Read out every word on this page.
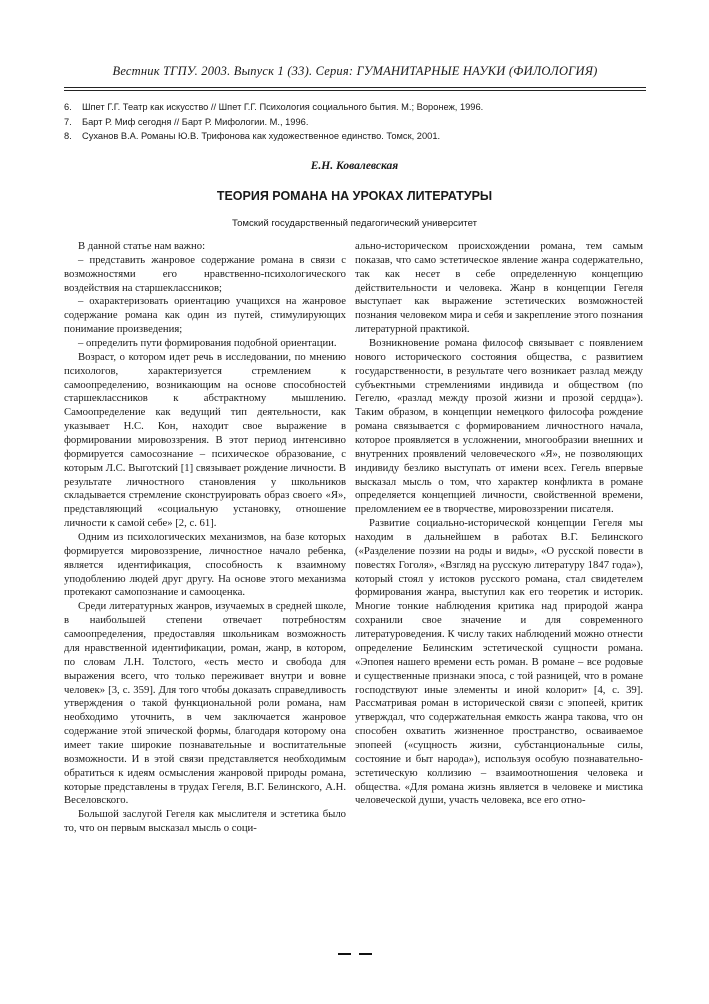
Вестник ТГПУ. 2003. Выпуск 1 (33). Серия: ГУМАНИТАРНЫЕ НАУКИ (ФИЛОЛОГИЯ)
6. Шпет Г.Г. Театр как искусство // Шпет Г.Г. Психология социального бытия. М.; Воронеж, 1996.
7. Барт Р. Миф сегодня // Барт Р. Мифологии. М., 1996.
8. Суханов В.А. Романы Ю.В. Трифонова как художественное единство. Томск, 2001.
Е.Н. Ковалевская
ТЕОРИЯ РОМАНА НА УРОКАХ ЛИТЕРАТУРЫ
Томский государственный педагогический университет

В данной статье нам важно:

– представить жанровое содержание романа в связи с возможностями его нравственно-психологического воздействия на старшеклассников;

– охарактеризовать ориентацию учащихся на жанровое содержание романа как один из путей, стимулирующих понимание произведения;

– определить пути формирования подобной ориентации.

Возраст, о котором идет речь в исследовании, по мнению психологов, характеризуется стремлением к самоопределению, возникающим на основе способностей старшеклассников к абстрактному мышлению. Самоопределение как ведущий тип деятельности, как указывает Н.С. Кон, находит свое выражение в формировании мировоззрения. В этот период интенсивно формируется самосознание – психическое образование, с которым Л.С. Выготский [1] связывает рождение личности. В результате личностного становления у школьников складывается стремление сконструировать образ своего «Я», представляющий «социальную установку, отношение личности к самой себе» [2, с. 61].

Одним из психологических механизмов, на базе которых формируется мировоззрение, личностное начало ребенка, является идентификация, способность к взаимному уподоблению людей друг другу. На основе этого механизма протекают самопознание и самооценка.

Среди литературных жанров, изучаемых в средней школе, в наибольшей степени отвечает потребностям самоопределения, предоставляя школьникам возможность для нравственной идентификации, роман, жанр, в котором, по словам Л.Н. Толстого, «есть место и свобода для выражения всего, что только переживает внутри и вовне человек» [3, с. 359]. Для того чтобы доказать справедливость утверждения о такой функциональной роли романа, нам необходимо уточнить, в чем заключается жанровое содержание этой эпической формы, благодаря которому она имеет такие широкие познавательные и воспитательные возможности. И в этой связи представляется необходимым обратиться к идеям осмысления жанровой природы романа, которые представлены в трудах Гегеля, В.Г. Белинского, А.Н. Веселовского.

Большой заслугой Гегеля как мыслителя и эстетика было то, что он первым высказал мысль о соци-

ально-историческом происхождении романа, тем самым показав, что само эстетическое явление жанра содержательно, так как несет в себе определенную концепцию действительности и человека. Жанр в концепции Гегеля выступает как выражение эстетических возможностей познания человеком мира и себя и закрепление этого познания литературной практикой.

Возникновение романа философ связывает с появлением нового исторического состояния общества, с развитием государственности, в результате чего возникает разлад между субъектными стремлениями индивида и обществом (по Гегелю, «разлад между прозой жизни и прозой сердца»). Таким образом, в концепции немецкого философа рождение романа связывается с формированием личностного начала, которое проявляется в усложнении, многообразии внешних и внутренних проявлений человеческого «Я», не позволяющих индивиду безлико выступать от имени всех. Гегель впервые высказал мысль о том, что характер конфликта в романе определяется концепцией личности, свойственной времени, преломлением ее в творчестве, мировоззрении писателя.

Развитие социально-исторической концепции Гегеля мы находим в дальнейшем в работах В.Г. Белинского («Разделение поэзии на роды и виды», «О русской повести в повестях Гоголя», «Взгляд на русскую литературу 1847 года»), который стоял у истоков русского романа, стал свидетелем формирования жанра, выступил как его теоретик и историк. Многие тонкие наблюдения критика над природой жанра сохранили свое значение и для современного литературоведения. К числу таких наблюдений можно отнести определение Белинским эстетической сущности романа. «Эпопея нашего времени есть роман. В романе – все родовые и существенные признаки эпоса, с той разницей, что в романе господствуют иные элементы и иной колорит» [4, с. 39]. Рассматривая роман в исторической связи с эпопеей, критик утверждал, что содержательная емкость жанра такова, что он способен охватить жизненное пространство, осваиваемое эпопеей («сущность жизни, субстанциональные силы, состояние и быт народа»), используя особую познавательно-эстетическую коллизию – взаимоотношения человека и общества. «Для романа жизнь является в человеке и мистика человеческой души, участь человека, все его отно-
